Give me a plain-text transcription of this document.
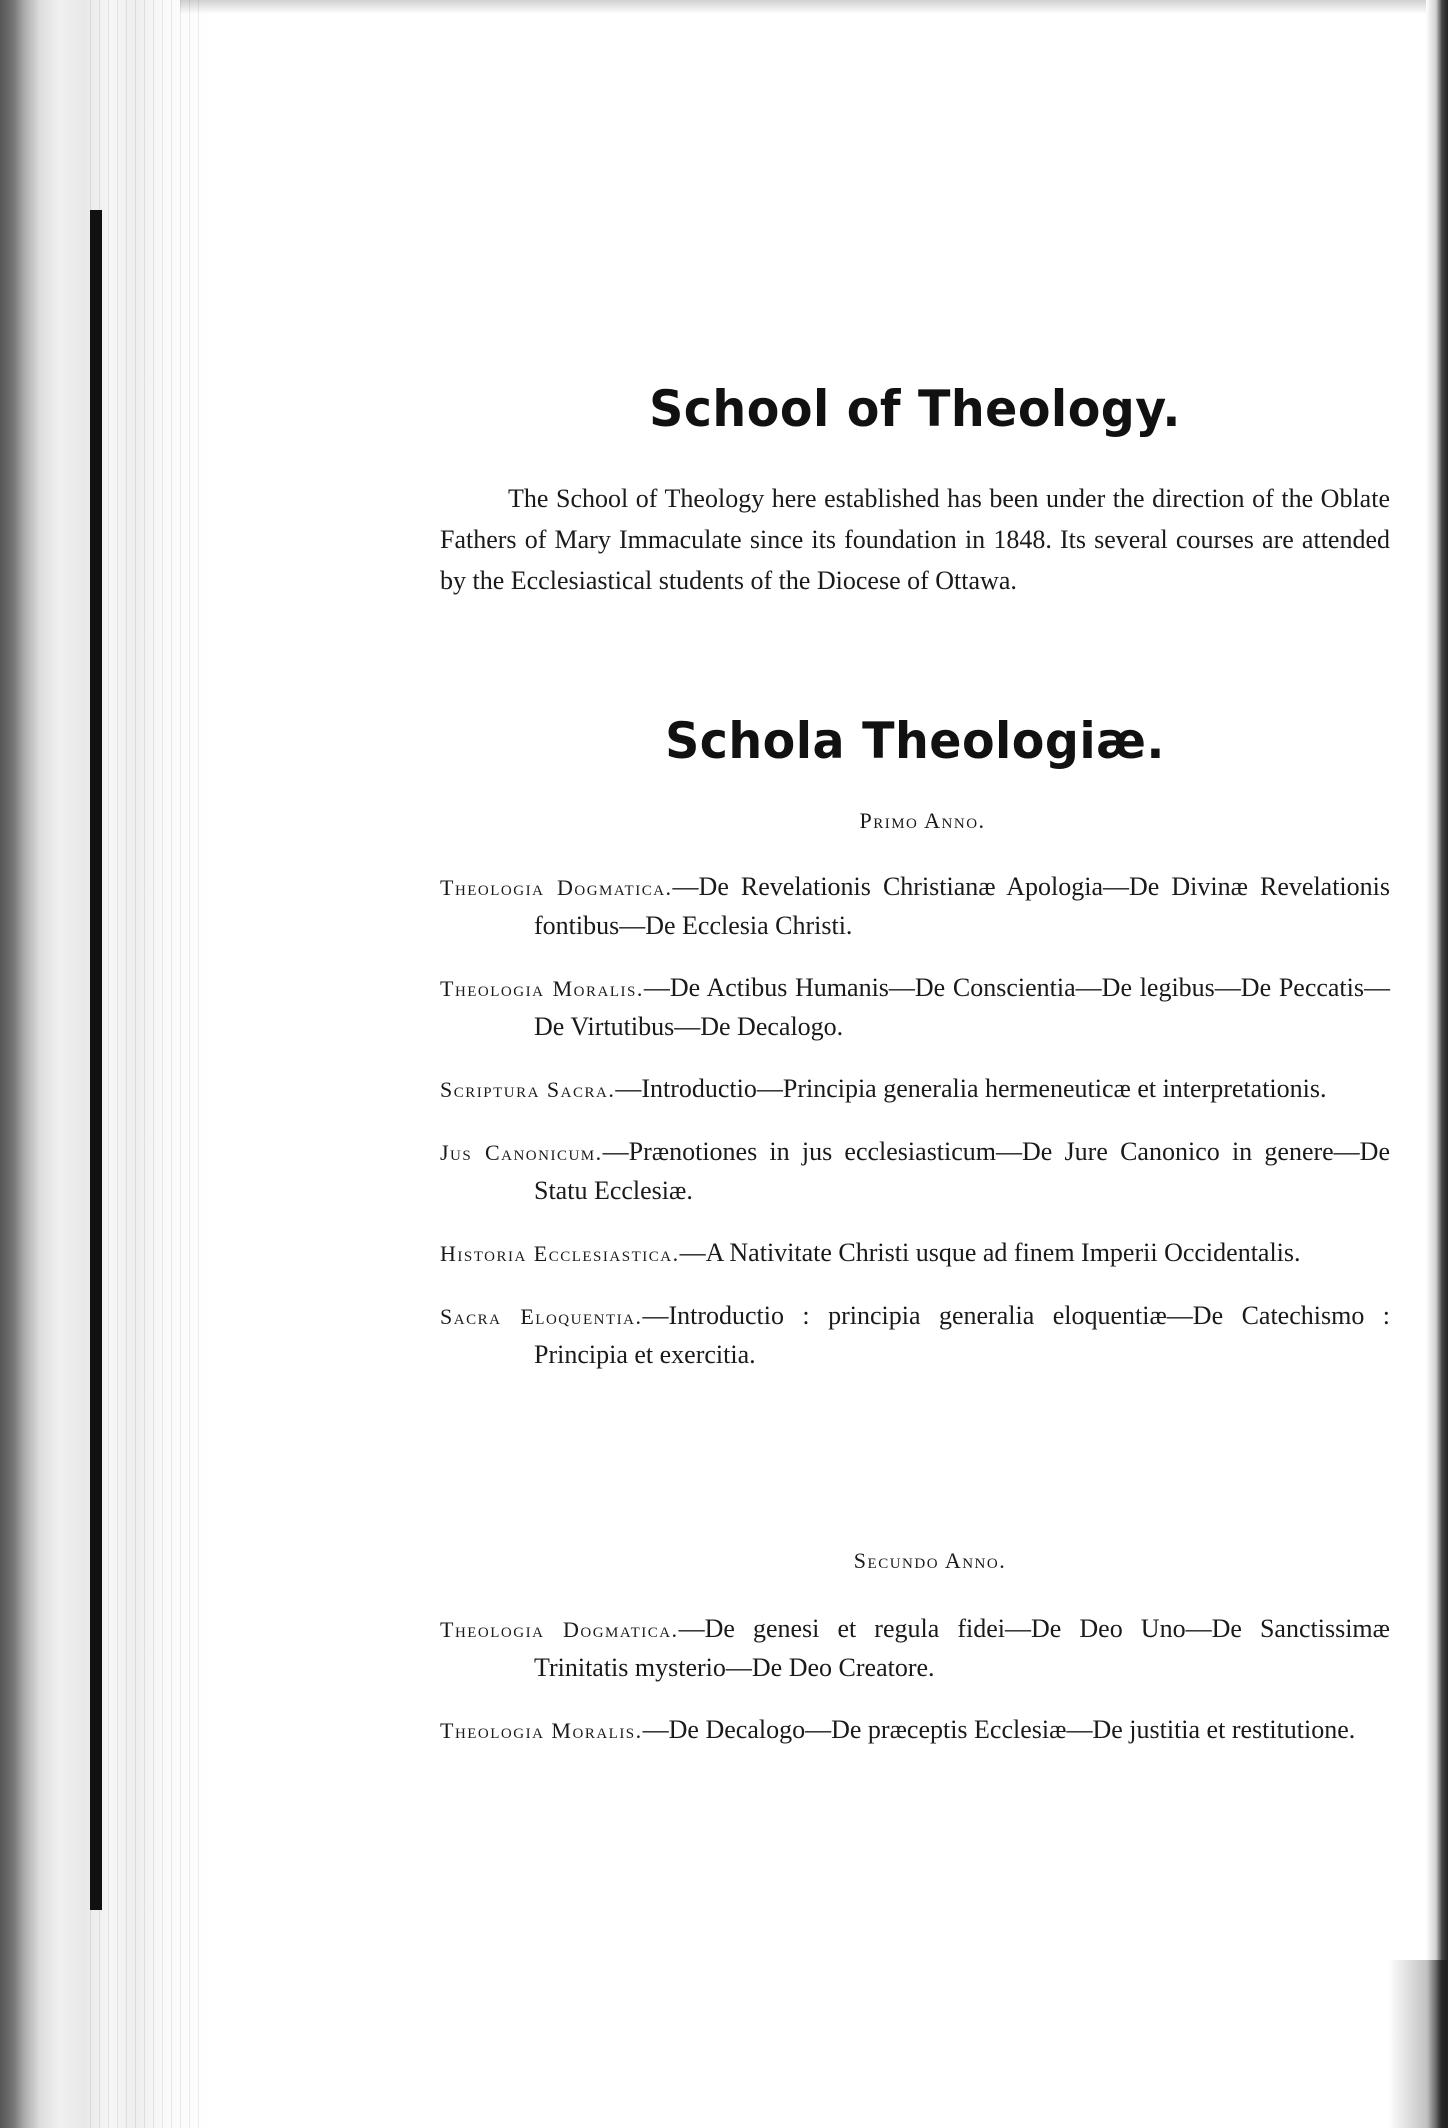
School of Theology.

The School of Theology here established has been under the direction of the Oblate Fathers of Mary Immaculate since its foundation in 1848. Its several courses are attended by the Ecclesiastical students of the Diocese of Ottawa.

Schola Theologiæ.

Primo Anno.

Theologia Dogmatica.—De Revelationis Christianæ Apologia—De Divinæ Revelationis fontibus—De Ecclesia Christi.
Theologia Moralis.—De Actibus Humanis—De Conscientia—De legibus—De Peccatis—De Virtutibus—De Decalogo.
Scriptura Sacra.—Introductio—Principia generalia hermeneuticæ et interpretationis.
Jus Canonicum.—Prænotiones in jus ecclesiasticum—De Jure Canonico in genere—De Statu Ecclesiæ.
Historia Ecclesiastica.—A Nativitate Christi usque ad finem Imperii Occidentalis.
Sacra Eloquentia.—Introductio : principia generalia eloquentiæ—De Catechismo : Principia et exercitia.

Secundo Anno.

Theologia Dogmatica.—De genesi et regula fidei—De Deo Uno—De Sanctissimæ Trinitatis mysterio—De Deo Creatore.
Theologia Moralis.—De Decalogo—De præceptis Ecclesiæ—De justitia et restitutione.
